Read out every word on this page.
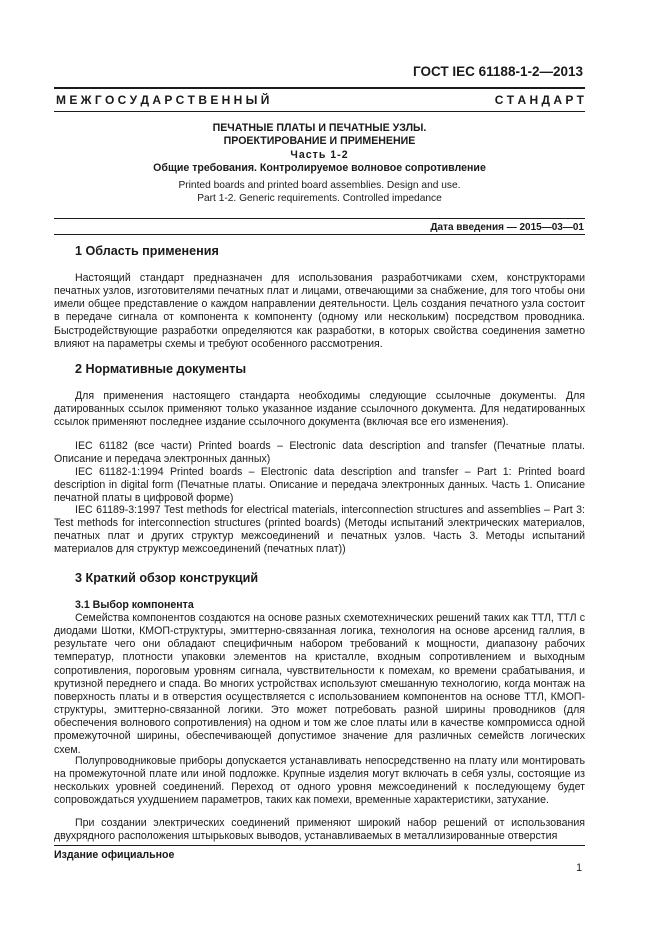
ГОСТ IEC 61188-1-2—2013
М Е Ж Г О С У Д А Р С Т В Е Н Н Ы Й	С Т А Н Д А Р Т
ПЕЧАТНЫЕ ПЛАТЫ И ПЕЧАТНЫЕ УЗЛЫ.
ПРОЕКТИРОВАНИЕ И ПРИМЕНЕНИЕ
Часть 1-2
Общие требования. Контролируемое волновое сопротивление
Printed boards and printed board assemblies. Design and use.
Part 1-2. Generic requirements. Controlled impedance
Дата введения — 2015—03—01
1 Область применения
Настоящий стандарт предназначен для использования разработчиками схем, конструкторами печатных узлов, изготовителями печатных плат и лицами, отвечающими за снабжение, для того чтобы они имели общее представление о каждом направлении деятельности. Цель создания печатного узла состоит в передаче сигнала от компонента к компоненту (одному или нескольким) посредством проводника. Быстродействующие разработки определяются как разработки, в которых свойства соединения заметно влияют на параметры схемы и требуют особенного рассмотрения.
2 Нормативные документы
Для применения настоящего стандарта необходимы следующие ссылочные документы. Для датированных ссылок применяют только указанное издание ссылочного документа. Для недатированных ссылок применяют последнее издание ссылочного документа (включая все его изменения).
IEC 61182 (все части) Printed boards – Electronic data description and transfer (Печатные платы. Описание и передача электронных данных)
IEC 61182-1:1994 Printed boards – Electronic data description and transfer – Part 1: Printed board description in digital form (Печатные платы. Описание и передача электронных данных. Часть 1. Описание печатной платы в цифровой форме)
IEC 61189-3:1997 Test methods for electrical materials, interconnection structures and assemblies – Part 3: Test methods for interconnection structures (printed boards) (Методы испытаний электрических материалов, печатных плат и других структур межсоединений и печатных узлов. Часть 3. Методы испытаний материалов для структур межсоединений (печатных плат))
3 Краткий обзор конструкций
3.1 Выбор компонента
Семейства компонентов создаются на основе разных схемотехнических решений таких как ТТЛ, ТТЛ с диодами Шотки, КМОП-структуры, эмиттерно-связанная логика, технология на основе арсенид галлия, в результате чего они обладают специфичным набором требований к мощности, диапазону рабочих температур, плотности упаковки элементов на кристалле, входным сопротивлением и выходным сопротивления, пороговым уровням сигнала, чувствительности к помехам, ко времени срабатывания, и крутизной переднего и спада. Во многих устройствах используют смешанную технологию, когда монтаж на поверхность платы и в отверстия осуществляется с использованием компонентов на основе ТТЛ, КМОП-структуры, эмиттерно-связанной логики. Это может потребовать разной ширины проводников (для обеспечения волнового сопротивления) на одном и том же слое платы или в качестве компромисса одной промежуточной ширины, обеспечивающей допустимое значение для различных семейств логических схем.
Полупроводниковые приборы допускается устанавливать непосредственно на плату или монтировать на промежуточной плате или иной подложке. Крупные изделия могут включать в себя узлы, состоящие из нескольких уровней соединений. Переход от одного уровня межсоединений к последующему будет сопровождаться ухудшением параметров, таких как помехи, временные характеристики, затухание.
При создании электрических соединений применяют широкий набор решений от использования двухрядного расположения штырьковых выводов, устанавливаемых в металлизированные отверстия
Издание официальное
1
